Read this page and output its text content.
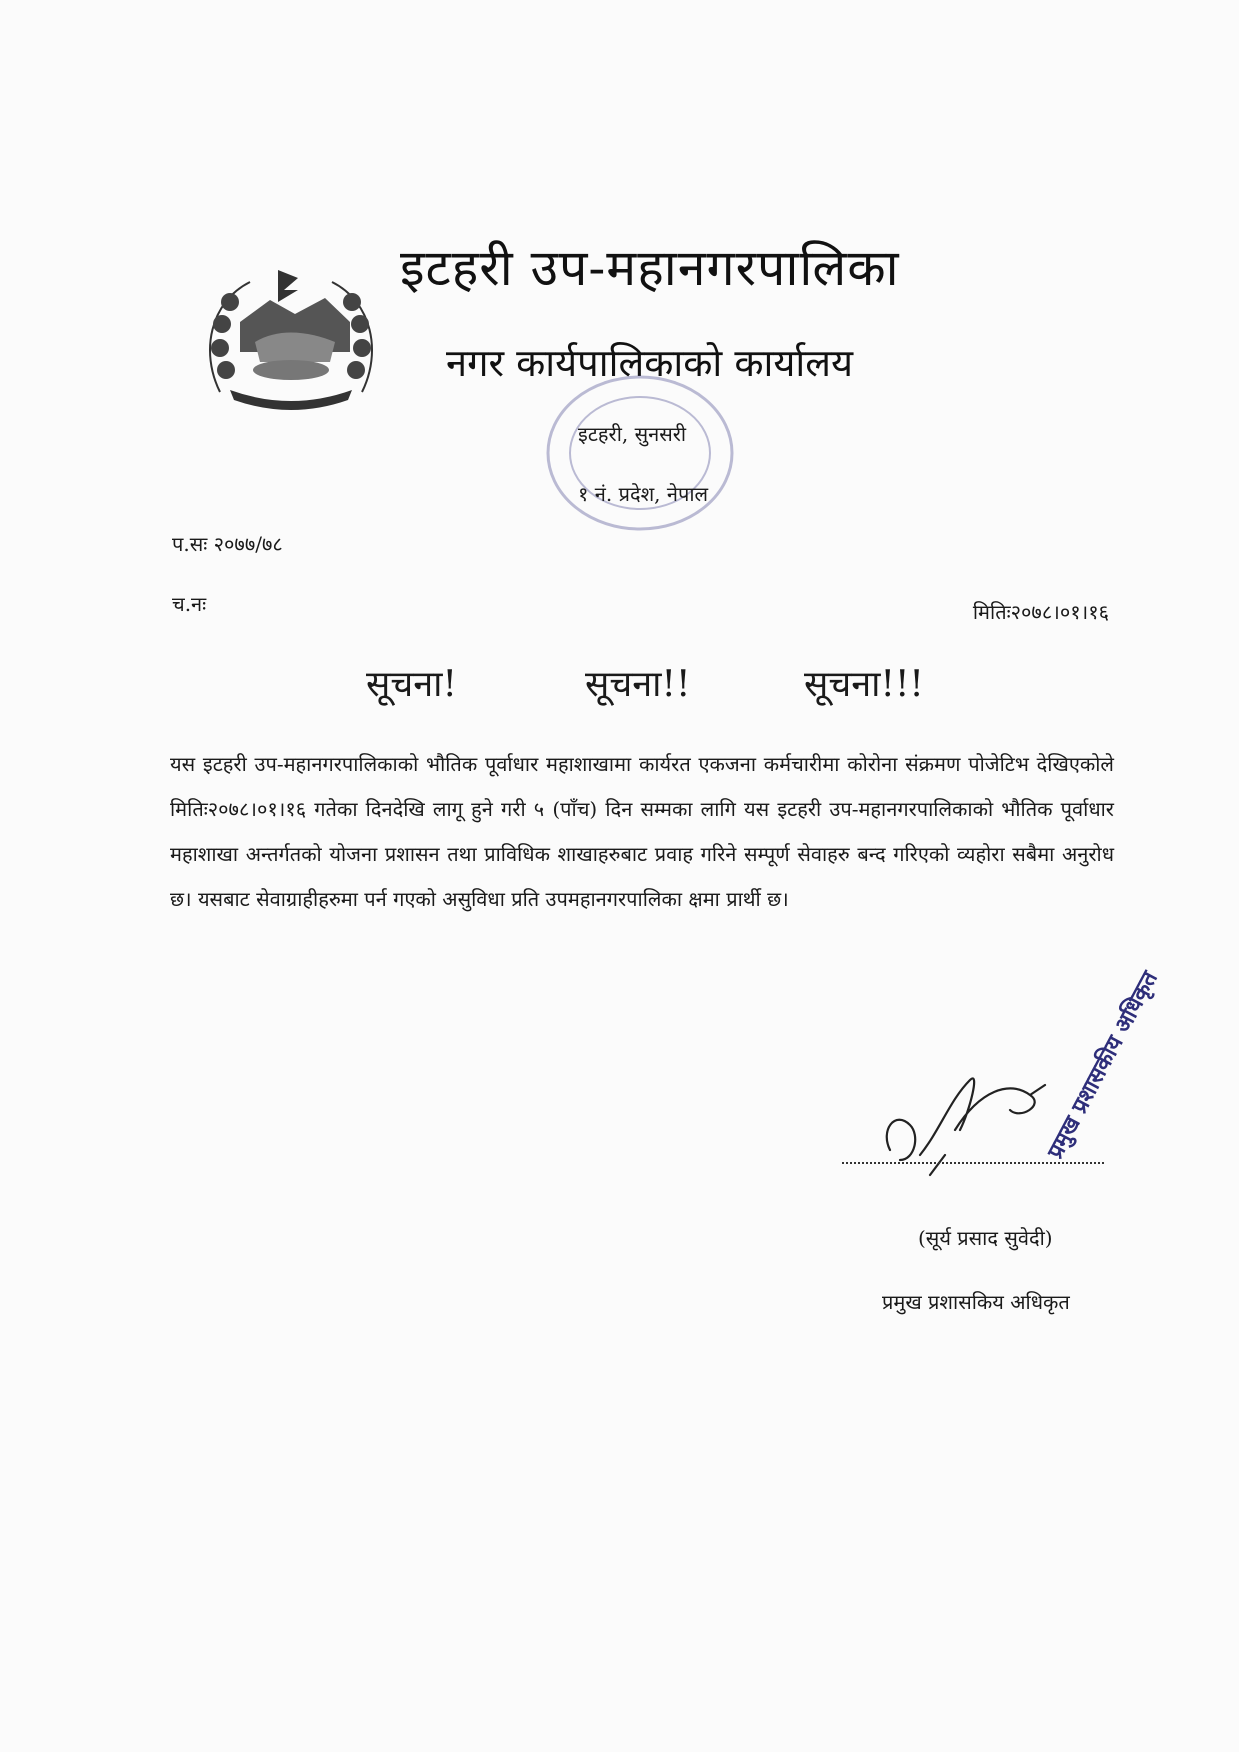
इटहरी उप-महानगरपालिका
नगर कार्यपालिकाको कार्यालय
इटहरी, सुनसरी
१ नं. प्रदेश, नेपाल
प.सः २०७७/७८
च.नः	मितिः२०७८।०१।१६
सूचना!	सूचना!!	सूचना!!!

यस इटहरी उप-महानगरपालिकाको भौतिक पूर्वाधार महाशाखामा कार्यरत एकजना कर्मचारीमा कोरोना संक्रमण पोजेटिभ देखिएकोले मितिः२०७८।०१।१६ गतेका दिनदेखि लागू हुने गरी ५ (पाँच) दिन सम्मका लागि यस इटहरी उप-महानगरपालिकाको भौतिक पूर्वाधार महाशाखा अन्तर्गतको योजना प्रशासन तथा प्राविधिक शाखाहरुबाट प्रवाह गरिने सम्पूर्ण सेवाहरु बन्द गरिएको व्यहोरा सबैमा अनुरोध छ। यसबाट सेवाग्राहीहरुमा पर्न गएको असुविधा प्रति उपमहानगरपालिका क्षमा प्रार्थी छ।

प्रमुख प्रशासकीय अधिकृत
(सूर्य प्रसाद सुवेदी)
प्रमुख प्रशासकिय अधिकृत
